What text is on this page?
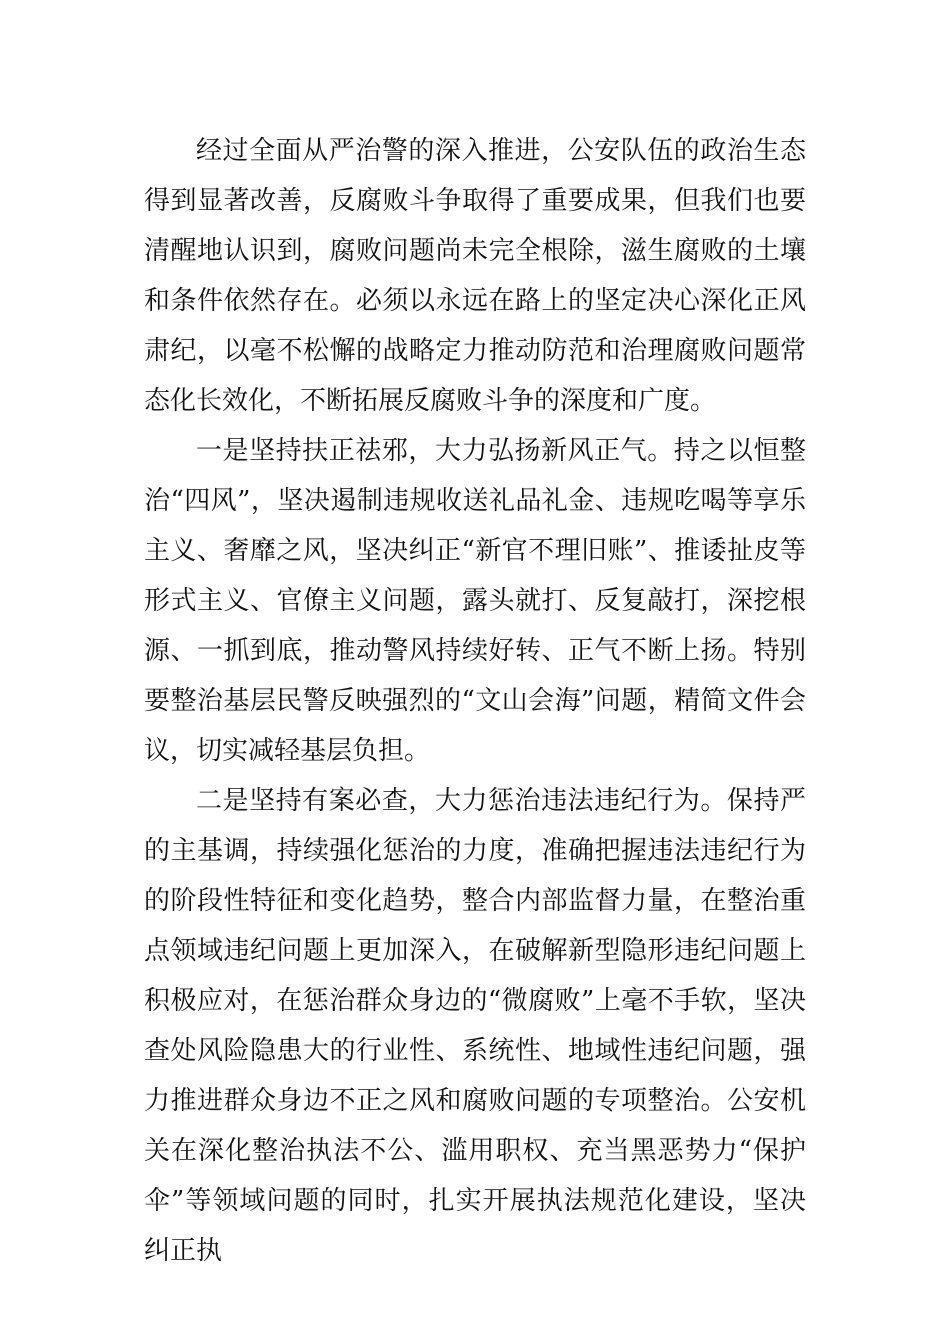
经过全面从严治警的深入推进，公安队伍的政治生态得到显著改善，反腐败斗争取得了重要成果，但我们也要清醒地认识到，腐败问题尚未完全根除，滋生腐败的土壤和条件依然存在。必须以永远在路上的坚定决心深化正风肃纪，以毫不松懈的战略定力推动防范和治理腐败问题常态化长效化，不断拓展反腐败斗争的深度和广度。

一是坚持扶正祛邪，大力弘扬新风正气。持之以恒整治“四风”，坚决遏制违规收送礼品礼金、违规吃喝等享乐主义、奢靡之风，坚决纠正“新官不理旧账”、推诿扯皮等形式主义、官僚主义问题，露头就打、反复敲打，深挖根源、一抓到底，推动警风持续好转、正气不断上扬。特别要整治基层民警反映强烈的“文山会海”问题，精简文件会议，切实减轻基层负担。

二是坚持有案必查，大力惩治违法违纪行为。保持严的主基调，持续强化惩治的力度，准确把握违法违纪行为的阶段性特征和变化趋势，整合内部监督力量，在整治重点领域违纪问题上更加深入，在破解新型隐形违纪问题上积极应对，在惩治群众身边的“微腐败”上毫不手软，坚决查处风险隐患大的行业性、系统性、地域性违纪问题，强力推进群众身边不正之风和腐败问题的专项整治。公安机关在深化整治执法不公、滥用职权、充当黑恶势力“保护伞”等领域问题的同时，扎实开展执法规范化建设，坚决纠正执
